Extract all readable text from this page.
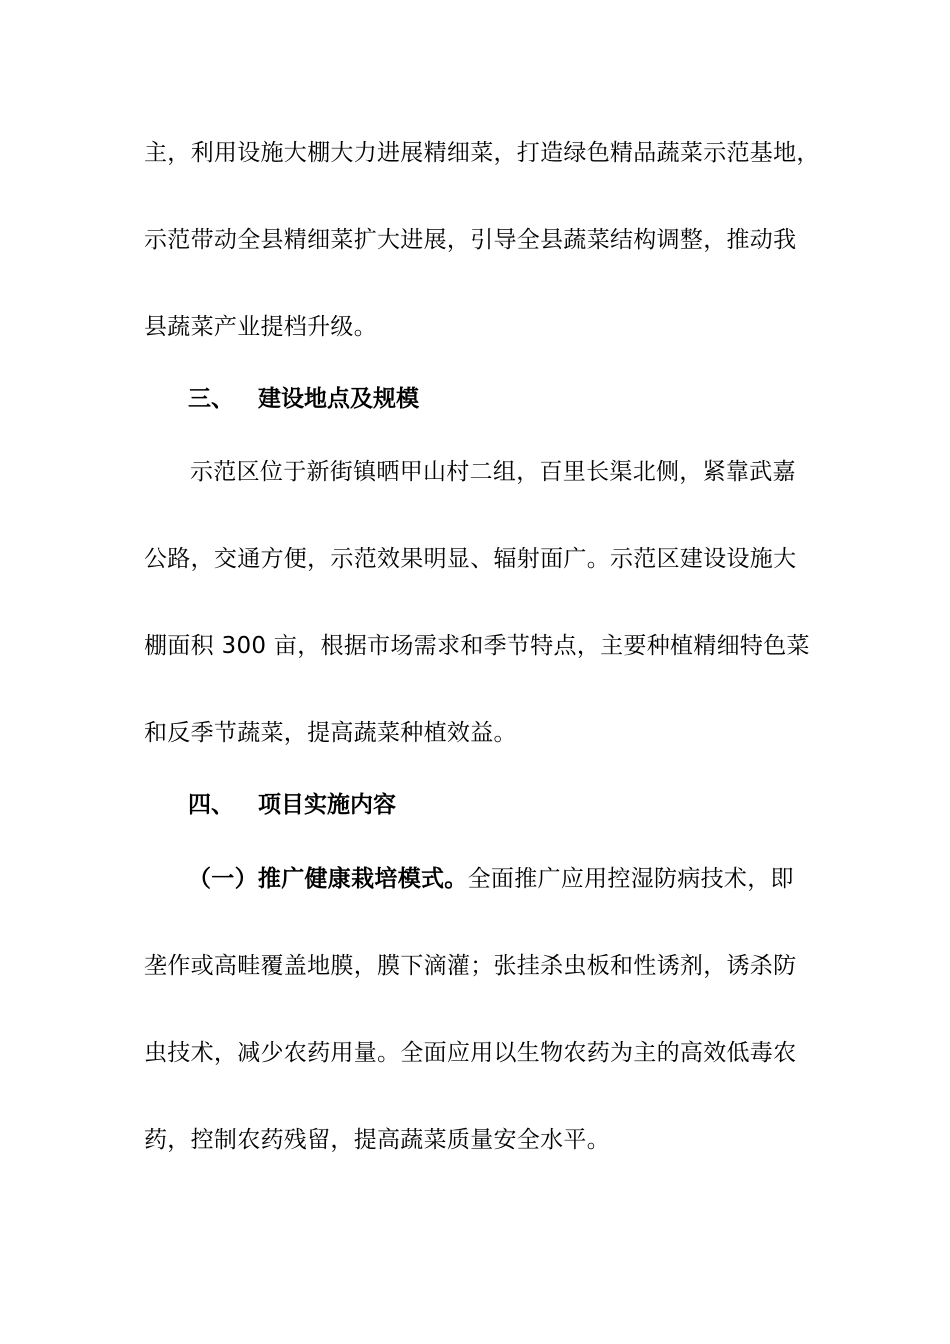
主，利用设施大棚大力进展精细菜，打造绿色精品蔬菜示范基地，
示范带动全县精细菜扩大进展，引导全县蔬菜结构调整，推动我
县蔬菜产业提档升级。
三、 建设地点及规模
示范区位于新街镇晒甲山村二组，百里长渠北侧，紧靠武嘉
公路，交通方便，示范效果明显、辐射面广。示范区建设设施大
棚面积 300 亩，根据市场需求和季节特点，主要种植精细特色菜
和反季节蔬菜，提高蔬菜种植效益。
四、 项目实施内容
（一）推广健康栽培模式。全面推广应用控湿防病技术，即
垄作或高畦覆盖地膜，膜下滴灌；张挂杀虫板和性诱剂，诱杀防
虫技术，减少农药用量。全面应用以生物农药为主的高效低毒农
药，控制农药残留，提高蔬菜质量安全水平。
